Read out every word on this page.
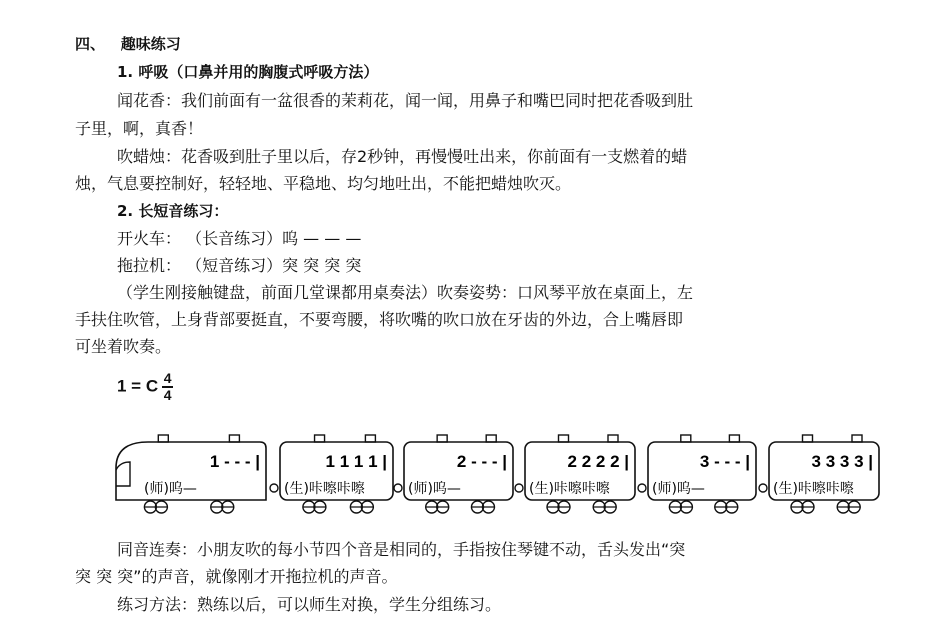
四、 趣味练习
1. 呼吸（口鼻并用的胸腹式呼吸方法）
闻花香：我们前面有一盆很香的茉莉花，闻一闻，用鼻子和嘴巴同时把花香吸到肚
子里，啊，真香！
吹蜡烛：花香吸到肚子里以后，存2秒钟，再慢慢吐出来，你前面有一支燃着的蜡
烛，气息要控制好，轻轻地、平稳地、均匀地吐出，不能把蜡烛吹灭。
2. 长短音练习：
开火车： （长音练习）呜 — — —
拖拉机： （短音练习）突 突 突 突
（学生刚接触键盘，前面几堂课都用桌奏法）吹奏姿势：口风琴平放在桌面上，左
手扶住吹管，上身背部要挺直，不要弯腰，将吹嘴的吹口放在牙齿的外边，合上嘴唇即
可坐着吹奏。
1 = C $\frac{4}{4}$
1 - - - |
(师)呜—
1 1 1 1 |
(生)咔嚓咔嚓
2 - - - |
(师)呜—
2 2 2 2 |
(生)咔嚓咔嚓
3 - - - |
(师)呜—
3 3 3 3 |
(生)咔嚓咔嚓
同音连奏：小朋友吹的每小节四个音是相同的，手指按住琴键不动，舌头发出“突
突 突 突”的声音，就像刚才开拖拉机的声音。
练习方法：熟练以后，可以师生对换，学生分组练习。
